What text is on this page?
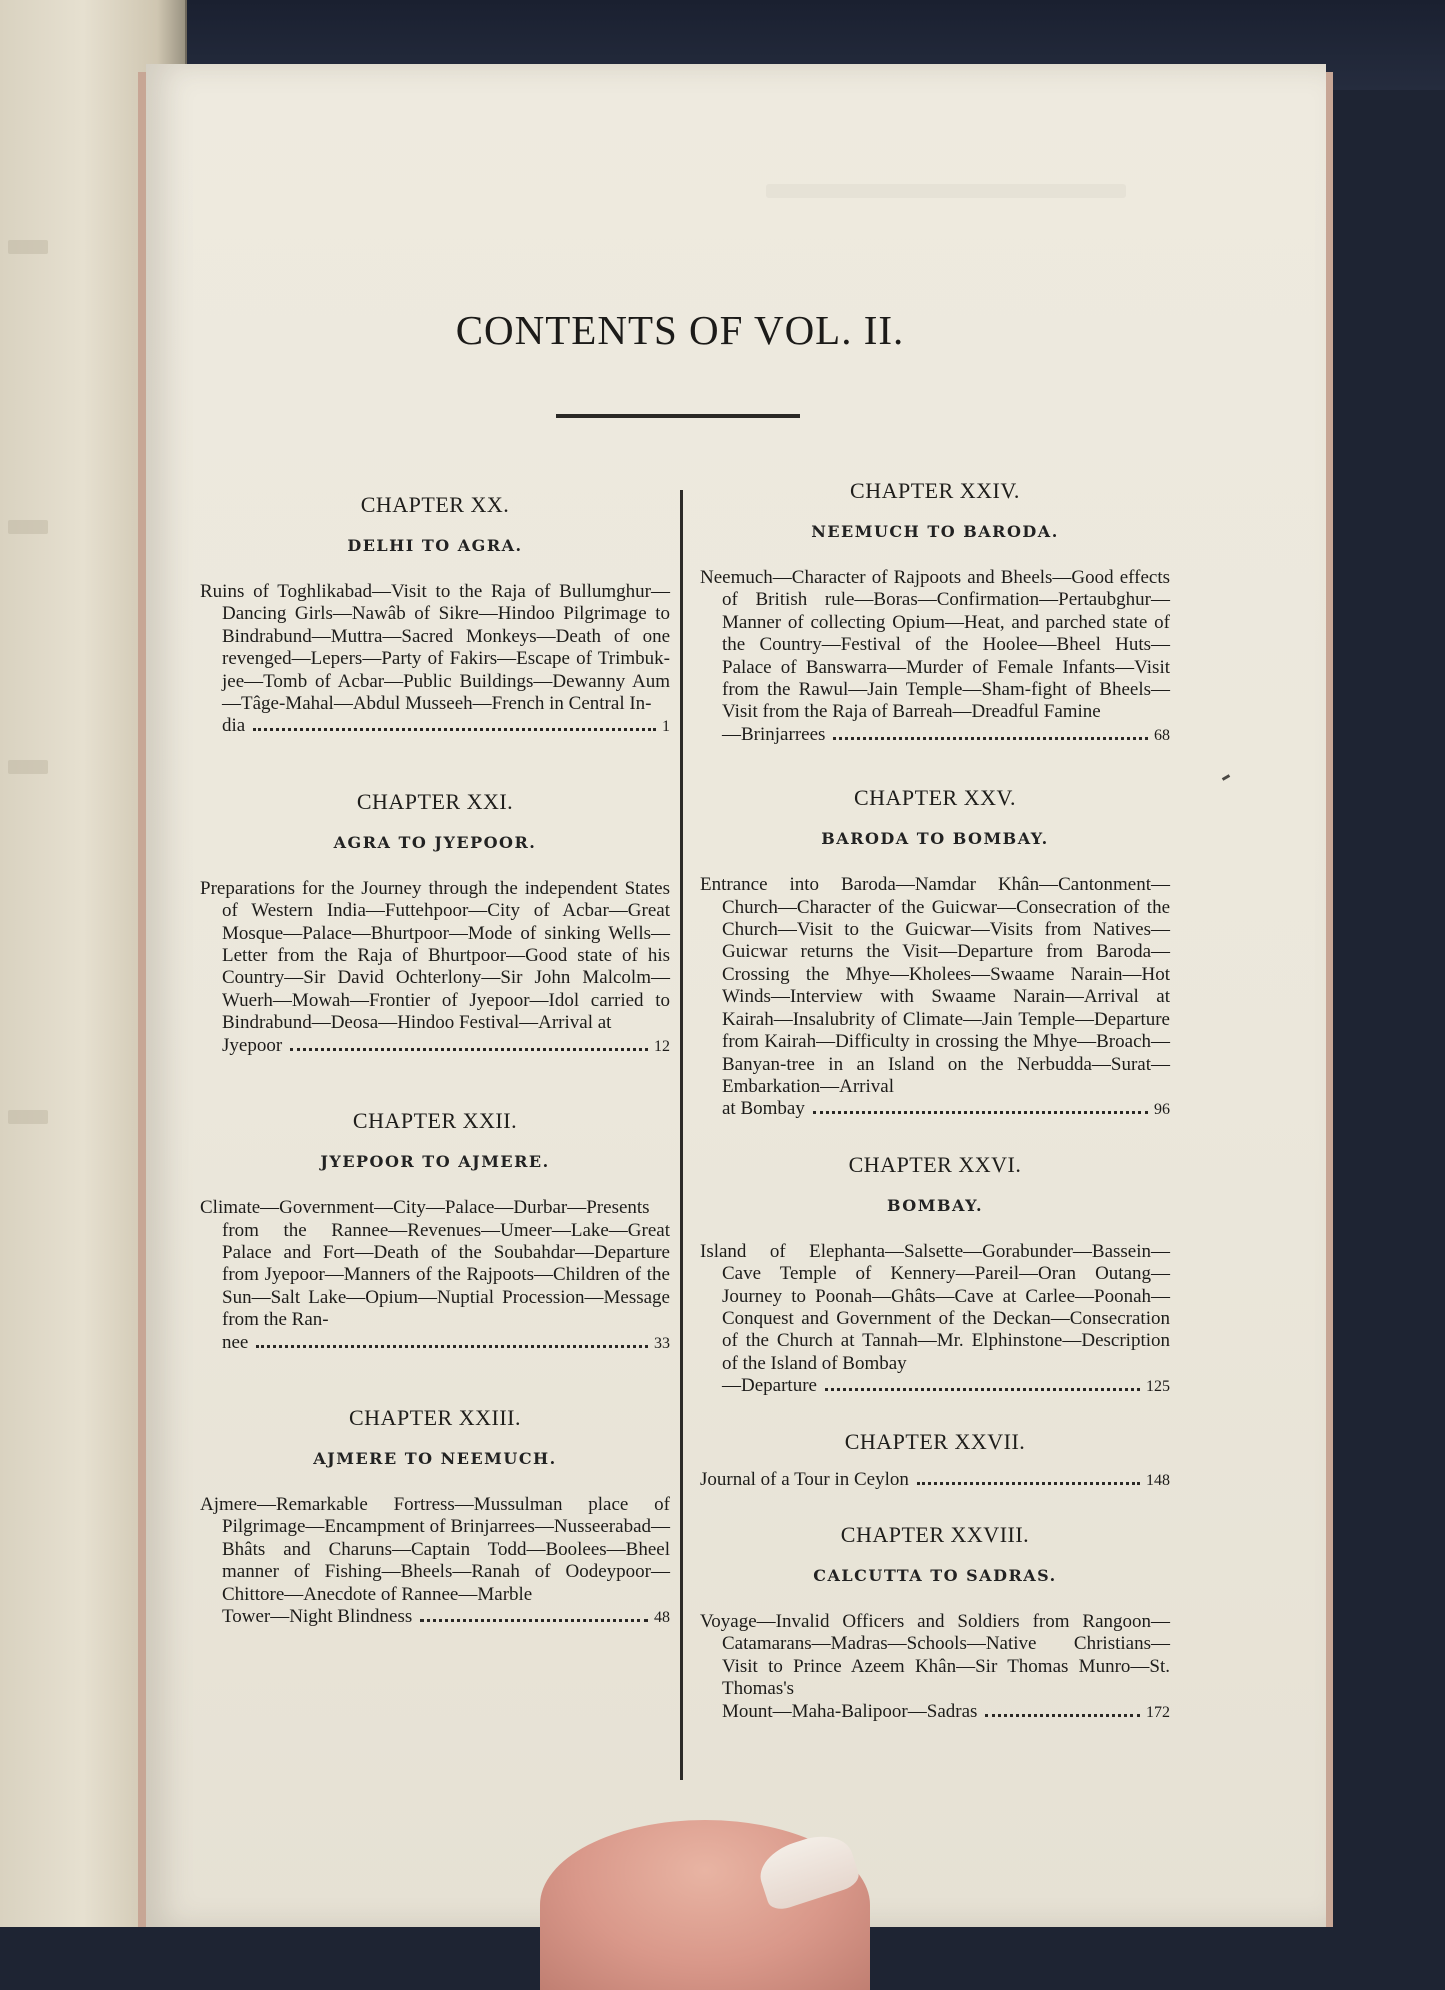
CONTENTS OF VOL. II.
CHAPTER XX.
DELHI TO AGRA.
Ruins of Toghlikabad—Visit to the Raja of Bullumghur—Dancing Girls—Nawâb of Sikre—Hindoo Pilgrimage to Bindrabund—Muttra—Sacred Monkeys—Death of one revenged—Lepers—Party of Fakirs—Escape of Trimbuk-jee—Tomb of Acbar—Public Buildings—Dewanny Aum—Tâge-Mahal—Abdul Musseeh—French in Central In-
dia	1
CHAPTER XXI.
AGRA TO JYEPOOR.
Preparations for the Journey through the independent States of Western India—Futtehpoor—City of Acbar—Great Mosque—Palace—Bhurtpoor—Mode of sinking Wells—Letter from the Raja of Bhurtpoor—Good state of his Country—Sir David Ochterlony—Sir John Malcolm—Wuerh—Mowah—Frontier of Jyepoor—Idol carried to Bindrabund—Deosa—Hindoo Festival—Arrival at
Jyepoor	12
CHAPTER XXII.
JYEPOOR TO AJMERE.
Climate—Government—City—Palace—Durbar—Presents from the Rannee—Revenues—Umeer—Lake—Great Palace and Fort—Death of the Soubahdar—Departure from Jyepoor—Manners of the Rajpoots—Children of the Sun—Salt Lake—Opium—Nuptial Procession—Message from the Ran-
nee	33
CHAPTER XXIII.
AJMERE TO NEEMUCH.
Ajmere—Remarkable Fortress—Mussulman place of Pilgrimage—Encampment of Brinjarrees—Nusseerabad—Bhâts and Charuns—Captain Todd—Boolees—Bheel manner of Fishing—Bheels—Ranah of Oodeypoor—Chittore—Anecdote of Rannee—Marble
Tower—Night Blindness	48
CHAPTER XXIV.
NEEMUCH TO BARODA.
Neemuch—Character of Rajpoots and Bheels—Good effects of British rule—Boras—Confirmation—Pertaubghur—Manner of collecting Opium—Heat, and parched state of the Country—Festival of the Hoolee—Bheel Huts—Palace of Banswarra—Murder of Female Infants—Visit from the Rawul—Jain Temple—Sham-fight of Bheels—Visit from the Raja of Barreah—Dreadful Famine
—Brinjarrees	68
CHAPTER XXV.
BARODA TO BOMBAY.
Entrance into Baroda—Namdar Khân—Cantonment—Church—Character of the Guicwar—Consecration of the Church—Visit to the Guicwar—Visits from Natives—Guicwar returns the Visit—Departure from Baroda—Crossing the Mhye—Kholees—Swaame Narain—Hot Winds—Interview with Swaame Narain—Arrival at Kairah—Insalubrity of Climate—Jain Temple—Departure from Kairah—Difficulty in crossing the Mhye—Broach—Banyan-tree in an Island on the Nerbudda—Surat—Embarkation—Arrival
at Bombay	96
CHAPTER XXVI.
BOMBAY.
Island of Elephanta—Salsette—Gorabunder—Bassein—Cave Temple of Kennery—Pareil—Oran Outang—Journey to Poonah—Ghâts—Cave at Carlee—Poonah—Conquest and Government of the Deckan—Consecration of the Church at Tannah—Mr. Elphinstone—Description of the Island of Bombay
—Departure	125
CHAPTER XXVII.
Journal of a Tour in Ceylon	148
CHAPTER XXVIII.
CALCUTTA TO SADRAS.
Voyage—Invalid Officers and Soldiers from Rangoon—Catamarans—Madras—Schools—Native Christians—Visit to Prince Azeem Khân—Sir Thomas Munro—St. Thomas's
Mount—Maha-Balipoor—Sadras	172
